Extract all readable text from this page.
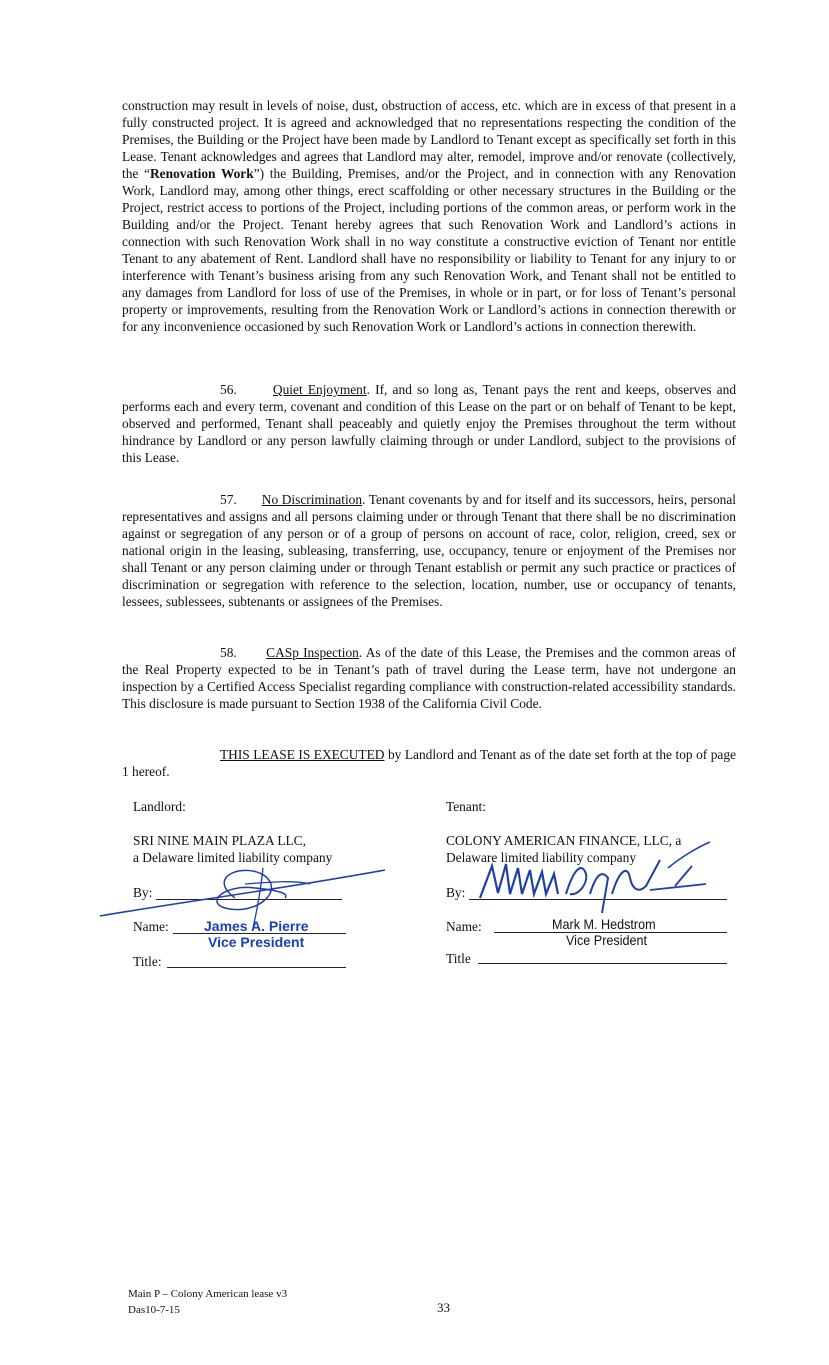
construction may result in levels of noise, dust, obstruction of access, etc. which are in excess of that present in a fully constructed project. It is agreed and acknowledged that no representations respecting the condition of the Premises, the Building or the Project have been made by Landlord to Tenant except as specifically set forth in this Lease. Tenant acknowledges and agrees that Landlord may alter, remodel, improve and/or renovate (collectively, the “Renovation Work”) the Building, Premises, and/or the Project, and in connection with any Renovation Work, Landlord may, among other things, erect scaffolding or other necessary structures in the Building or the Project, restrict access to portions of the Project, including portions of the common areas, or perform work in the Building and/or the Project. Tenant hereby agrees that such Renovation Work and Landlord’s actions in connection with such Renovation Work shall in no way constitute a constructive eviction of Tenant nor entitle Tenant to any abatement of Rent. Landlord shall have no responsibility or liability to Tenant for any injury to or interference with Tenant’s business arising from any such Renovation Work, and Tenant shall not be entitled to any damages from Landlord for loss of use of the Premises, in whole or in part, or for loss of Tenant’s personal property or improvements, resulting from the Renovation Work or Landlord’s actions in connection therewith or for any inconvenience occasioned by such Renovation Work or Landlord’s actions in connection therewith.

56.	Quiet Enjoyment. If, and so long as, Tenant pays the rent and keeps, observes and performs each and every term, covenant and condition of this Lease on the part or on behalf of Tenant to be kept, observed and performed, Tenant shall peaceably and quietly enjoy the Premises throughout the term without hindrance by Landlord or any person lawfully claiming through or under Landlord, subject to the provisions of this Lease.

57. No Discrimination. Tenant covenants by and for itself and its successors, heirs, personal representatives and assigns and all persons claiming under or through Tenant that there shall be no discrimination against or segregation of any person or of a group of persons on account of race, color, religion, creed, sex or national origin in the leasing, subleasing, transferring, use, occupancy, tenure or enjoyment of the Premises nor shall Tenant or any person claiming under or through Tenant establish or permit any such practice or practices of discrimination or segregation with reference to the selection, location, number, use or occupancy of tenants, lessees, sublessees, subtenants or assignees of the Premises.

58. CASp Inspection. As of the date of this Lease, the Premises and the common areas of the Real Property expected to be in Tenant’s path of travel during the Lease term, have not undergone an inspection by a Certified Access Specialist regarding compliance with construction-related accessibility standards. This disclosure is made pursuant to Section 1938 of the California Civil Code.

THIS LEASE IS EXECUTED by Landlord and Tenant as of the date set forth at the top of page 1 hereof.

Landlord:
SRI NINE MAIN PLAZA LLC,
a Delaware limited liability company
By:
Name:	James A. Pierre
Vice President
Title:
Tenant:
COLONY AMERICAN FINANCE, LLC, a
Delaware limited liability company
By:
Name:	Mark M. Hedstrom
Vice President
Title
Main P – Colony American lease v3
Das10-7-15	33
